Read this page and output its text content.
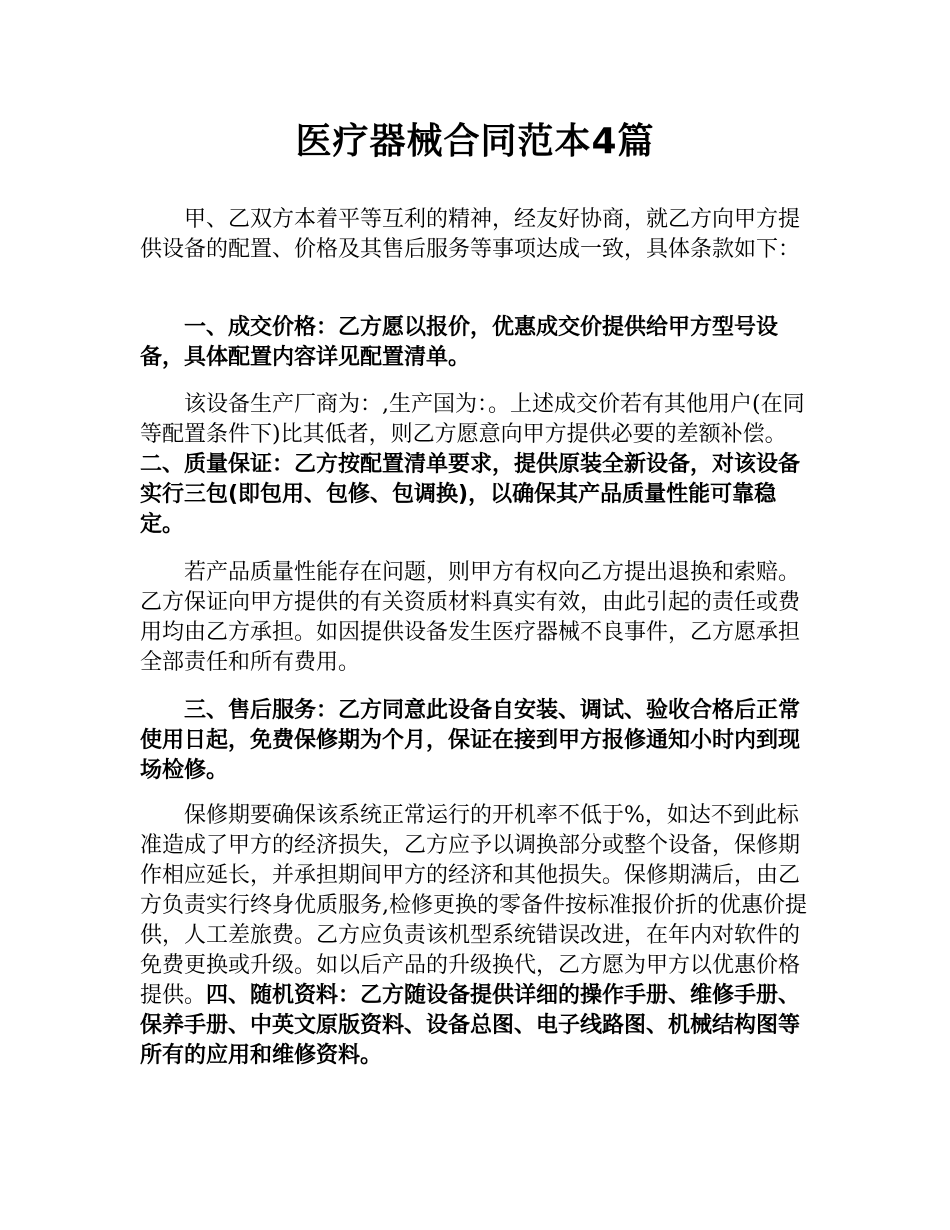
医疗器械合同范本4篇

甲、乙双方本着平等互利的精神，经友好协商，就乙方向甲方提供设备的配置、价格及其售后服务等事项达成一致，具体条款如下：

一、成交价格：乙方愿以报价，优惠成交价提供给甲方型号设备，具体配置内容详见配置清单。

该设备生产厂商为：,生产国为：。上述成交价若有其他用户(在同等配置条件下)比其低者，则乙方愿意向甲方提供必要的差额补偿。二、质量保证：乙方按配置清单要求，提供原装全新设备，对该设备实行三包(即包用、包修、包调换)，以确保其产品质量性能可靠稳定。

若产品质量性能存在问题，则甲方有权向乙方提出退换和索赔。乙方保证向甲方提供的有关资质材料真实有效，由此引起的责任或费用均由乙方承担。如因提供设备发生医疗器械不良事件，乙方愿承担全部责任和所有费用。

三、售后服务：乙方同意此设备自安装、调试、验收合格后正常使用日起，免费保修期为个月，保证在接到甲方报修通知小时内到现场检修。

保修期要确保该系统正常运行的开机率不低于%，如达不到此标准造成了甲方的经济损失，乙方应予以调换部分或整个设备，保修期作相应延长，并承担期间甲方的经济和其他损失。保修期满后，由乙方负责实行终身优质服务,检修更换的零备件按标准报价折的优惠价提供，人工差旅费。乙方应负责该机型系统错误改进，在年内对软件的免费更换或升级。如以后产品的升级换代，乙方愿为甲方以优惠价格提供。四、随机资料：乙方随设备提供详细的操作手册、维修手册、保养手册、中英文原版资料、设备总图、电子线路图、机械结构图等所有的应用和维修资料。
